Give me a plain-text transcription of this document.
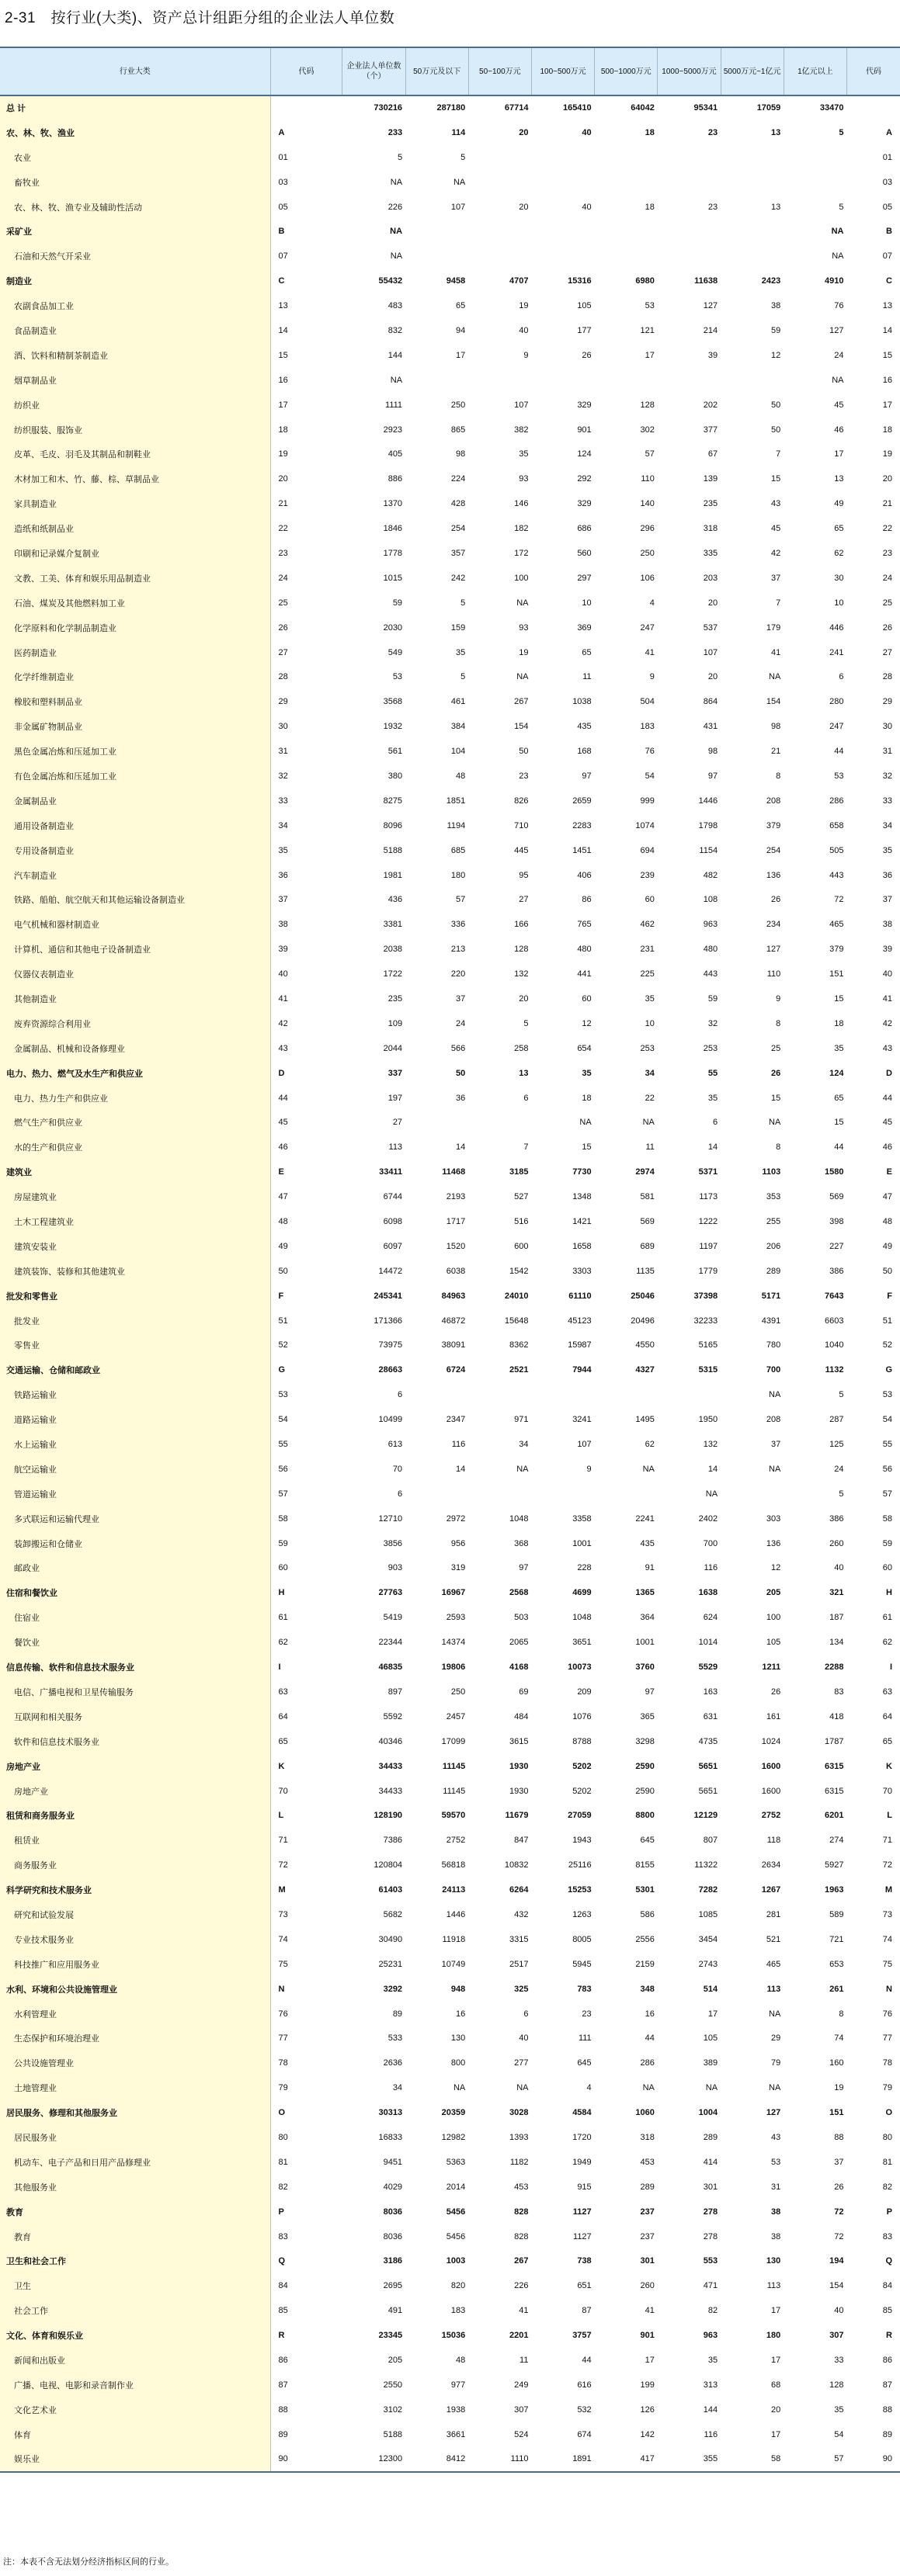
2-31　按行业(大类)、资产总计组距分组的企业法人单位数
行业大类	代码	企业法人单位数（个）	50万元及以下	50~100万元	100~500万元	500~1000万元	1000~5000万元	5000万元~1亿元	1亿元以上	代码
总 计		730216	287180	67714	165410	64042	95341	17059	33470	
农、林、牧、渔业	A	233	114	20	40	18	23	13	5	A
农业	01	5	5							01
畜牧业	03	NA	NA							03
农、林、牧、渔专业及辅助性活动	05	226	107	20	40	18	23	13	5	05
采矿业	B	NA							NA	B
石油和天然气开采业	07	NA							NA	07
制造业	C	55432	9458	4707	15316	6980	11638	2423	4910	C
农副食品加工业	13	483	65	19	105	53	127	38	76	13
食品制造业	14	832	94	40	177	121	214	59	127	14
酒、饮料和精制茶制造业	15	144	17	9	26	17	39	12	24	15
烟草制品业	16	NA							NA	16
纺织业	17	1111	250	107	329	128	202	50	45	17
纺织服装、服饰业	18	2923	865	382	901	302	377	50	46	18
皮革、毛皮、羽毛及其制品和制鞋业	19	405	98	35	124	57	67	7	17	19
木材加工和木、竹、藤、棕、草制品业	20	886	224	93	292	110	139	15	13	20
家具制造业	21	1370	428	146	329	140	235	43	49	21
造纸和纸制品业	22	1846	254	182	686	296	318	45	65	22
印刷和记录媒介复制业	23	1778	357	172	560	250	335	42	62	23
文教、工美、体育和娱乐用品制造业	24	1015	242	100	297	106	203	37	30	24
石油、煤炭及其他燃料加工业	25	59	5	NA	10	4	20	7	10	25
化学原料和化学制品制造业	26	2030	159	93	369	247	537	179	446	26
医药制造业	27	549	35	19	65	41	107	41	241	27
化学纤维制造业	28	53	5	NA	11	9	20	NA	6	28
橡胶和塑料制品业	29	3568	461	267	1038	504	864	154	280	29
非金属矿物制品业	30	1932	384	154	435	183	431	98	247	30
黑色金属冶炼和压延加工业	31	561	104	50	168	76	98	21	44	31
有色金属冶炼和压延加工业	32	380	48	23	97	54	97	8	53	32
金属制品业	33	8275	1851	826	2659	999	1446	208	286	33
通用设备制造业	34	8096	1194	710	2283	1074	1798	379	658	34
专用设备制造业	35	5188	685	445	1451	694	1154	254	505	35
汽车制造业	36	1981	180	95	406	239	482	136	443	36
铁路、船舶、航空航天和其他运输设备制造业	37	436	57	27	86	60	108	26	72	37
电气机械和器材制造业	38	3381	336	166	765	462	963	234	465	38
计算机、通信和其他电子设备制造业	39	2038	213	128	480	231	480	127	379	39
仪器仪表制造业	40	1722	220	132	441	225	443	110	151	40
其他制造业	41	235	37	20	60	35	59	9	15	41
废弃资源综合利用业	42	109	24	5	12	10	32	8	18	42
金属制品、机械和设备修理业	43	2044	566	258	654	253	253	25	35	43
电力、热力、燃气及水生产和供应业	D	337	50	13	35	34	55	26	124	D
电力、热力生产和供应业	44	197	36	6	18	22	35	15	65	44
燃气生产和供应业	45	27			NA	NA	6	NA	15	45
水的生产和供应业	46	113	14	7	15	11	14	8	44	46
建筑业	E	33411	11468	3185	7730	2974	5371	1103	1580	E
房屋建筑业	47	6744	2193	527	1348	581	1173	353	569	47
土木工程建筑业	48	6098	1717	516	1421	569	1222	255	398	48
建筑安装业	49	6097	1520	600	1658	689	1197	206	227	49
建筑装饰、装修和其他建筑业	50	14472	6038	1542	3303	1135	1779	289	386	50
批发和零售业	F	245341	84963	24010	61110	25046	37398	5171	7643	F
批发业	51	171366	46872	15648	45123	20496	32233	4391	6603	51
零售业	52	73975	38091	8362	15987	4550	5165	780	1040	52
交通运输、仓储和邮政业	G	28663	6724	2521	7944	4327	5315	700	1132	G
铁路运输业	53	6						NA	5	53
道路运输业	54	10499	2347	971	3241	1495	1950	208	287	54
水上运输业	55	613	116	34	107	62	132	37	125	55
航空运输业	56	70	14	NA	9	NA	14	NA	24	56
管道运输业	57	6					NA		5	57
多式联运和运输代理业	58	12710	2972	1048	3358	2241	2402	303	386	58
装卸搬运和仓储业	59	3856	956	368	1001	435	700	136	260	59
邮政业	60	903	319	97	228	91	116	12	40	60
住宿和餐饮业	H	27763	16967	2568	4699	1365	1638	205	321	H
住宿业	61	5419	2593	503	1048	364	624	100	187	61
餐饮业	62	22344	14374	2065	3651	1001	1014	105	134	62
信息传输、软件和信息技术服务业	I	46835	19806	4168	10073	3760	5529	1211	2288	I
电信、广播电视和卫星传输服务	63	897	250	69	209	97	163	26	83	63
互联网和相关服务	64	5592	2457	484	1076	365	631	161	418	64
软件和信息技术服务业	65	40346	17099	3615	8788	3298	4735	1024	1787	65
房地产业	K	34433	11145	1930	5202	2590	5651	1600	6315	K
房地产业	70	34433	11145	1930	5202	2590	5651	1600	6315	70
租赁和商务服务业	L	128190	59570	11679	27059	8800	12129	2752	6201	L
租赁业	71	7386	2752	847	1943	645	807	118	274	71
商务服务业	72	120804	56818	10832	25116	8155	11322	2634	5927	72
科学研究和技术服务业	M	61403	24113	6264	15253	5301	7282	1267	1963	M
研究和试验发展	73	5682	1446	432	1263	586	1085	281	589	73
专业技术服务业	74	30490	11918	3315	8005	2556	3454	521	721	74
科技推广和应用服务业	75	25231	10749	2517	5945	2159	2743	465	653	75
水利、环境和公共设施管理业	N	3292	948	325	783	348	514	113	261	N
水利管理业	76	89	16	6	23	16	17	NA	8	76
生态保护和环境治理业	77	533	130	40	111	44	105	29	74	77
公共设施管理业	78	2636	800	277	645	286	389	79	160	78
土地管理业	79	34	NA	NA	4	NA	NA	NA	19	79
居民服务、修理和其他服务业	O	30313	20359	3028	4584	1060	1004	127	151	O
居民服务业	80	16833	12982	1393	1720	318	289	43	88	80
机动车、电子产品和日用产品修理业	81	9451	5363	1182	1949	453	414	53	37	81
其他服务业	82	4029	2014	453	915	289	301	31	26	82
教育	P	8036	5456	828	1127	237	278	38	72	P
教育	83	8036	5456	828	1127	237	278	38	72	83
卫生和社会工作	Q	3186	1003	267	738	301	553	130	194	Q
卫生	84	2695	820	226	651	260	471	113	154	84
社会工作	85	491	183	41	87	41	82	17	40	85
文化、体育和娱乐业	R	23345	15036	2201	3757	901	963	180	307	R
新闻和出版业	86	205	48	11	44	17	35	17	33	86
广播、电视、电影和录音制作业	87	2550	977	249	616	199	313	68	128	87
文化艺术业	88	3102	1938	307	532	126	144	20	35	88
体育	89	5188	3661	524	674	142	116	17	54	89
娱乐业	90	12300	8412	1110	1891	417	355	58	57	90
注：本表不含无法划分经济指标区间的行业。
